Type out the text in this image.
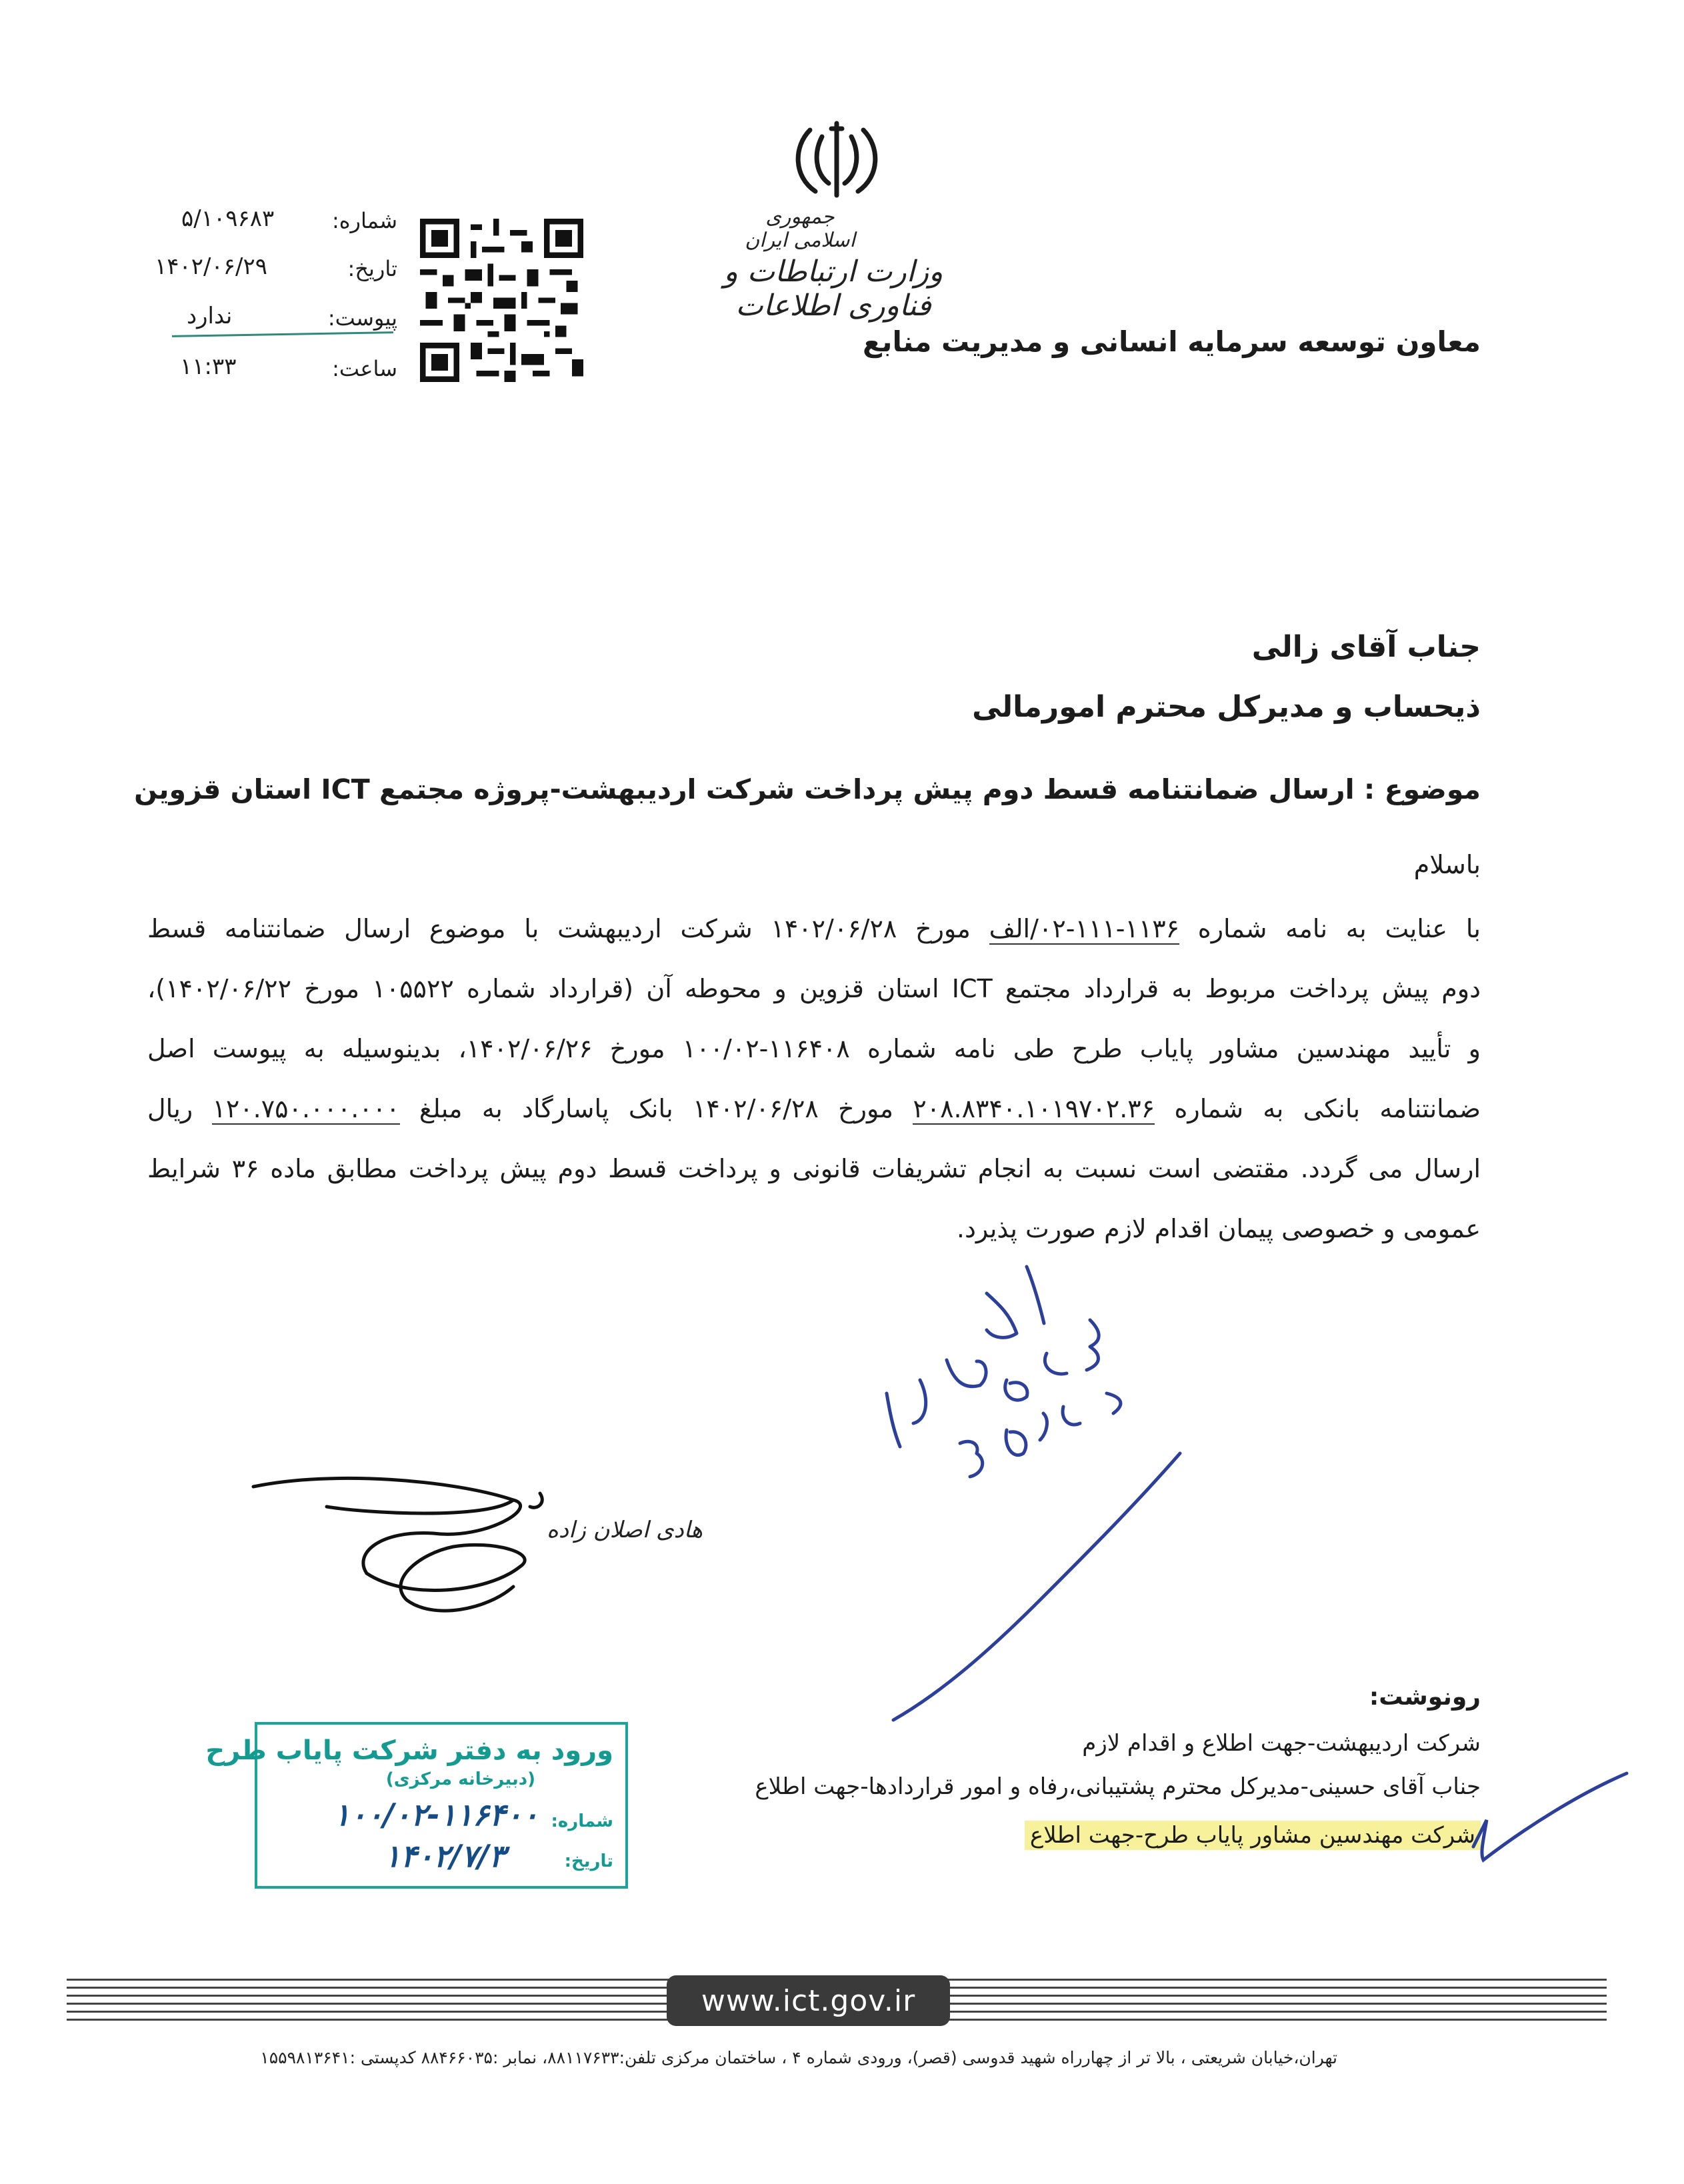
جمهوری اسلامی ایران
وزارت ارتباطات و فناوری اطلاعات
معاون توسعه سرمایه انسانی و مدیریت منابع
شماره:
۵/۱۰۹۶۸۳
تاریخ:
۱۴۰۲/۰۶/۲۹
پیوست:
ندارد
ساعت:
۱۱:۳۳
جناب آقای زالی
ذیحساب و مدیرکل محترم امورمالی
موضوع : ارسال ضمانتنامه قسط دوم پیش پرداخت شرکت اردیبهشت-پروژه مجتمع ICT استان قزوین
باسلام
با عنایت به نامه شماره ۱۱۳۶-۱۱۱-۰۲/الف مورخ ۱۴۰۲/۰۶/۲۸ شرکت اردیبهشت با موضوع ارسال ضمانتنامه قسط
دوم پیش پرداخت مربوط به قرارداد مجتمع ICT استان قزوین و محوطه آن (قرارداد شماره ۱۰۵۵۲۲ مورخ ۱۴۰۲/۰۶/۲۲)،
و تأیید مهندسین مشاور پایاب طرح طی نامه شماره ۱۱۶۴۰۸-۱۰۰/۰۲ مورخ ۱۴۰۲/۰۶/۲۶، بدینوسیله به پیوست اصل
ضمانتنامه بانکی به شماره ۲۰۸.۸۳۴۰.۱۰۱۹۷۰۲.۳۶ مورخ ۱۴۰۲/۰۶/۲۸ بانک پاسارگاد به مبلغ ۱۲۰.۷۵۰.۰۰۰.۰۰۰ ریال
ارسال می گردد. مقتضی است نسبت به انجام تشریفات قانونی و پرداخت قسط دوم پیش پرداخت مطابق ماده ۳۶ شرایط
عمومی و خصوصی پیمان اقدام لازم صورت پذیرد.
هادی اصلان زاده
رونوشت:
شرکت اردیبهشت-جهت اطلاع و اقدام لازم
جناب آقای حسینی-مدیرکل محترم پشتیبانی،رفاه و امور قراردادها-جهت اطلاع
شرکت مهندسین مشاور پایاب طرح-جهت اطلاع
ورود به دفتر شرکت پایاب طرح
(دبیرخانه مرکزی)
شماره:
۱۰۰/۰۲-۱۱۶۴۰۰
تاریخ:
۱۴۰۲/۷/۳
www.ict.gov.ir
تهران،خیابان شریعتی ، بالا تر از چهارراه شهید قدوسی (قصر)، ورودی شماره ۴ ، ساختمان مرکزی تلفن:۸۸۱۱۷۶۳۳، نمابر :۸۸۴۶۶۰۳۵ کدپستی :۱۵۵۹۸۱۳۶۴۱
